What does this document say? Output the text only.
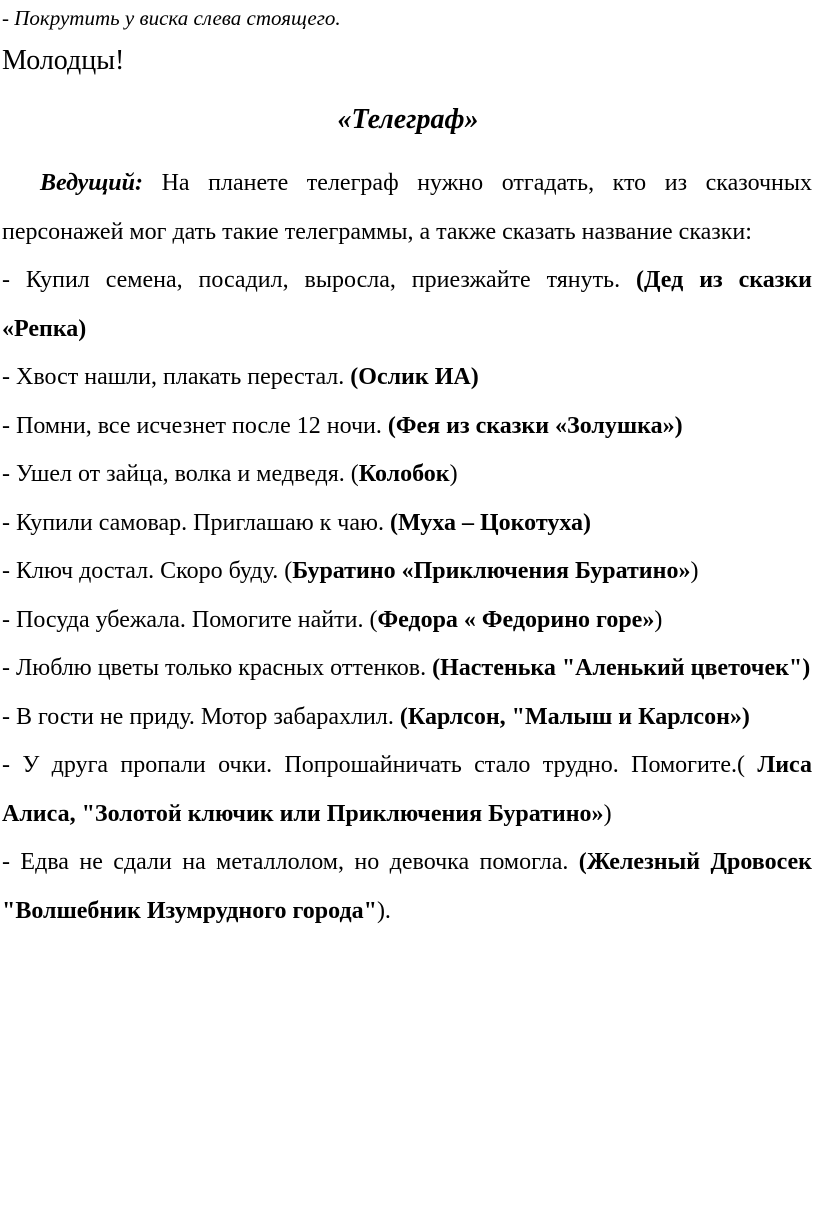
- Покрутить у виска слева стоящего.
Молодцы!
«Телеграф»

Ведущий: На планете телеграф нужно отгадать, кто из сказочных персонажей мог дать такие телеграммы, а также сказать название сказки:

- Купил семена, посадил, выросла, приезжайте тянуть. (Дед из сказки «Репка)

- Хвост нашли, плакать перестал. (Ослик ИА)

- Помни, все исчезнет после 12 ночи. (Фея из сказки «Золушка»)

- Ушел от зайца, волка и медведя. (Колобок)

- Купили самовар. Приглашаю к чаю. (Муха – Цокотуха)

- Ключ достал. Скоро буду. (Буратино «Приключения Буратино»)

- Посуда убежала. Помогите найти. (Федора « Федорино горе»)

- Люблю цветы только красных оттенков. (Настенька "Аленький цветочек")

- В гости не приду. Мотор забарахлил. (Карлсон, "Малыш и Карлсон»)

- У друга пропали очки. Попрошайничать стало трудно. Помогите.( Лиса Алиса, "Золотой ключик или Приключения Буратино»)

- Едва не сдали на металлолом, но девочка помогла. (Железный Дровосек "Волшебник Изумрудного города").
